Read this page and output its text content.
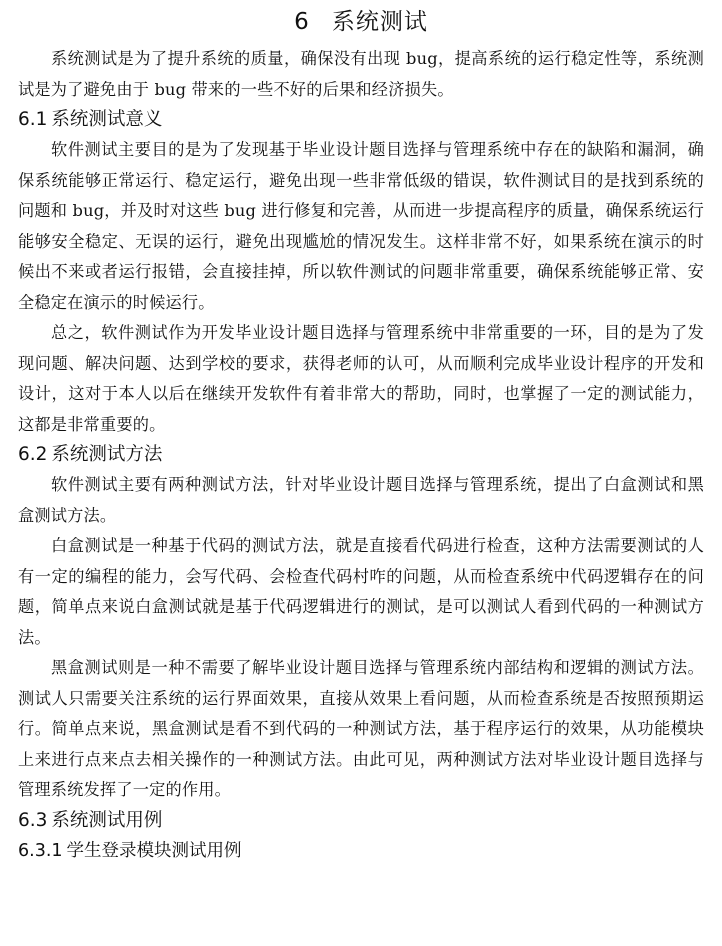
6 系统测试

系统测试是为了提升系统的质量，确保没有出现 bug，提高系统的运行稳定性等，系统测试是为了避免由于 bug 带来的一些不好的后果和经济损失。

6.1 系统测试意义

软件测试主要目的是为了发现基于毕业设计题目选择与管理系统中存在的缺陷和漏洞，确保系统能够正常运行、稳定运行，避免出现一些非常低级的错误，软件测试目的是找到系统的问题和 bug，并及时对这些 bug 进行修复和完善，从而进一步提高程序的质量，确保系统运行能够安全稳定、无误的运行，避免出现尴尬的情况发生。这样非常不好，如果系统在演示的时候出不来或者运行报错，会直接挂掉，所以软件测试的问题非常重要，确保系统能够正常、安全稳定在演示的时候运行。

总之，软件测试作为开发毕业设计题目选择与管理系统中非常重要的一环，目的是为了发现问题、解决问题、达到学校的要求，获得老师的认可，从而顺利完成毕业设计程序的开发和设计，这对于本人以后在继续开发软件有着非常大的帮助，同时，也掌握了一定的测试能力，这都是非常重要的。

6.2 系统测试方法

软件测试主要有两种测试方法，针对毕业设计题目选择与管理系统，提出了白盒测试和黑盒测试方法。

白盒测试是一种基于代码的测试方法，就是直接看代码进行检查，这种方法需要测试的人有一定的编程的能力，会写代码、会检查代码村咋的问题，从而检查系统中代码逻辑存在的问题，简单点来说白盒测试就是基于代码逻辑进行的测试，是可以测试人看到代码的一种测试方法。

黑盒测试则是一种不需要了解毕业设计题目选择与管理系统内部结构和逻辑的测试方法。测试人只需要关注系统的运行界面效果，直接从效果上看问题，从而检查系统是否按照预期运行。简单点来说，黑盒测试是看不到代码的一种测试方法，基于程序运行的效果，从功能模块上来进行点来点去相关操作的一种测试方法。由此可见，两种测试方法对毕业设计题目选择与管理系统发挥了一定的作用。

6.3 系统测试用例
6.3.1 学生登录模块测试用例
